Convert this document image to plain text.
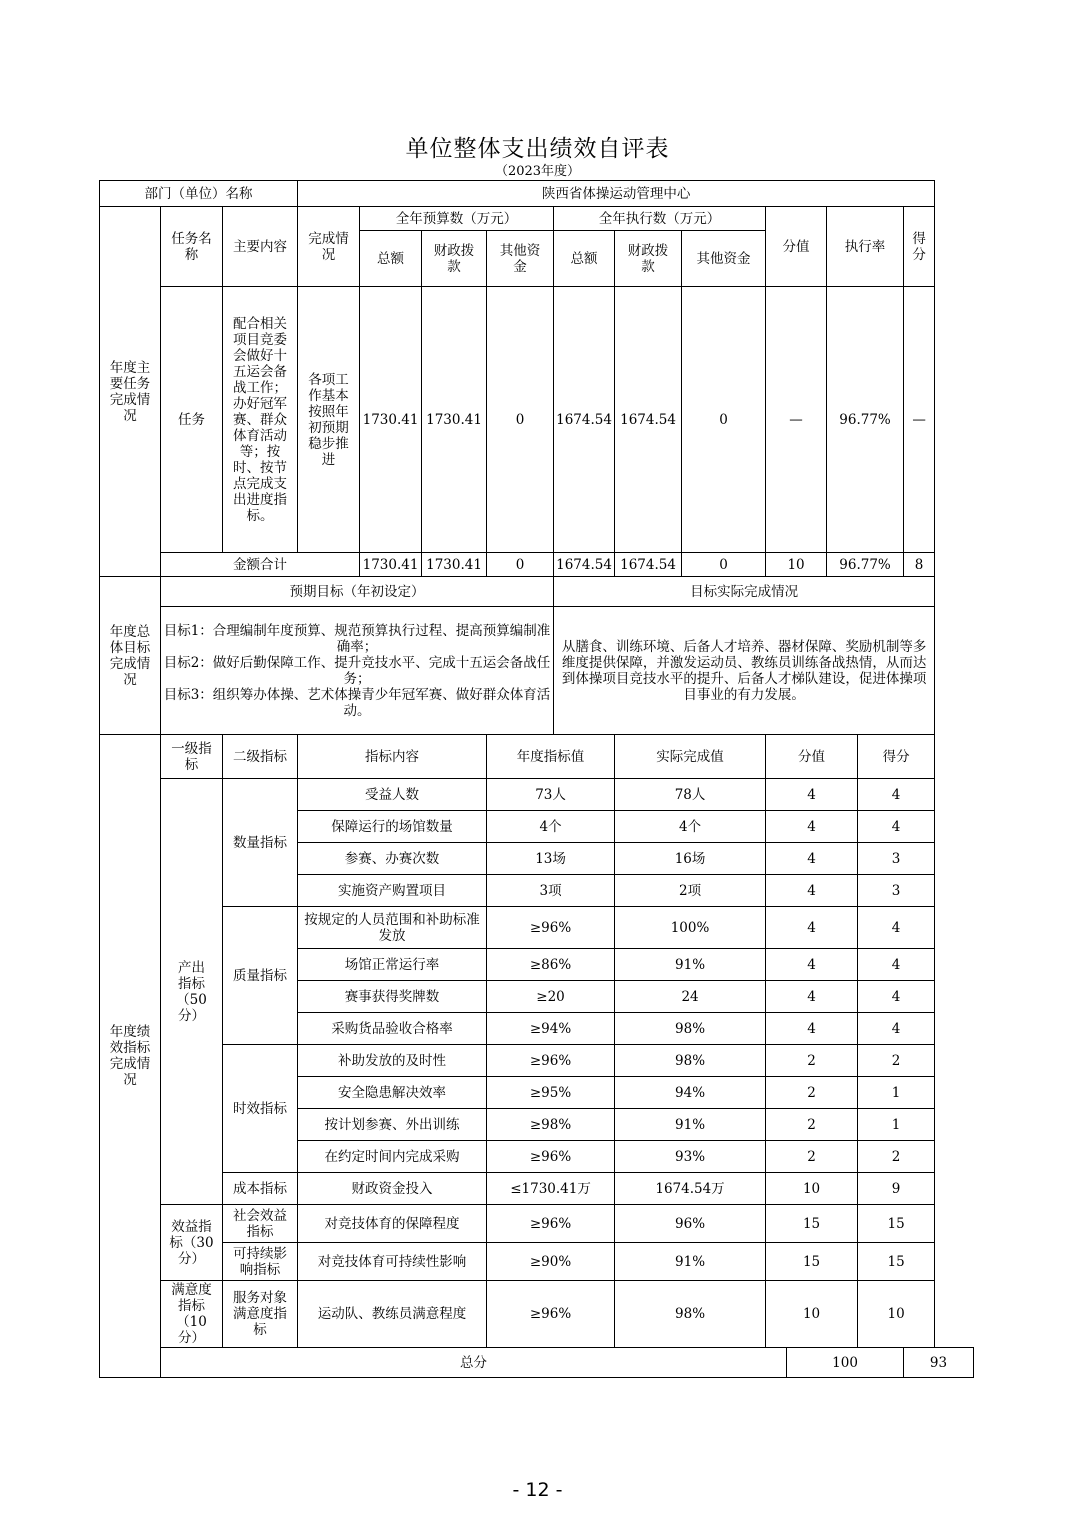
单位整体支出绩效自评表
（2023年度）
部门（单位）名称			陕西省体操运动管理中心											

年度主要任务完成情况	任务名称	主要内容	完成情况	全年预算数（万元）			全年执行数（万元）			分值		执行率		得分

				总额	财政拨款	其他资金	总额	财政拨款	其他资金					
	任务	配合相关项目竞委会做好十五运会备战工作；办好冠军赛、群众体育活动等；按时、按节点完成支出进度指标。	各项工作基本按照年初预期稳步推进	1730.41	1730.41	0	1674.54	1674.54	0	—		96.77%		—
	金额合计			1730.41	1730.41	0	1674.54	1674.54	0	10		96.77%		8

年度总体目标完成情况	预期目标（年初设定）						目标实际完成情况							

	目标1：合理编制年度预算、规范预算执行过程、提高预算编制准确率；
目标2：做好后勤保障工作、提升竞技水平、完成十五运会备战任务；
目标3：组织筹办体操、艺术体操青少年冠军赛、做好群众体育活动。						从膳食、训练环境、后备人才培养、器材保障、奖励机制等多维度提供保障，并激发运动员、教练员训练备战热情，从而达到体操项目竞技水平的提升、后备人才梯队建设，促进体操项目事业的有力发展。							

年度绩效指标完成情况	一级指标	二级指标	指标内容			年度指标值		实际完成值		分值			得分	

	产出指标（50分）	数量指标	受益人数			73人		78人		4			4	
			保障运行的场馆数量			4个		4个		4			4	
			参赛、办赛次数			13场		16场		4			3	
			实施资产购置项目			3项		2项		4			3	
		质量指标	按规定的人员范围和补助标准发放			≥96%		100%		4			4	
			场馆正常运行率			≥86%		91%		4			4	
			赛事获得奖牌数			≥20		24		4			4	
			采购货品验收合格率			≥94%		98%		4			4	
		时效指标	补助发放的及时性			≥96%		98%		2			2	
			安全隐患解决效率			≥95%		94%		2			1	
			按计划参赛、外出训练			≥98%		91%		2			1	
			在约定时间内完成采购			≥96%		93%		2			2	
		成本指标	财政资金投入			≤1730.41万		1674.54万		10			9	

	效益指标（30分）	社会效益指标	对竞技体育的保障程度			≥96%		96%		15			15	

		可持续影响指标	对竞技体育可持续性影响			≥90%		91%		15			15	

	满意度指标（10分）	服务对象满意度指标	运动队、教练员满意程度			≥96%		98%		10			10	
	总分										100			93
- 12 -
